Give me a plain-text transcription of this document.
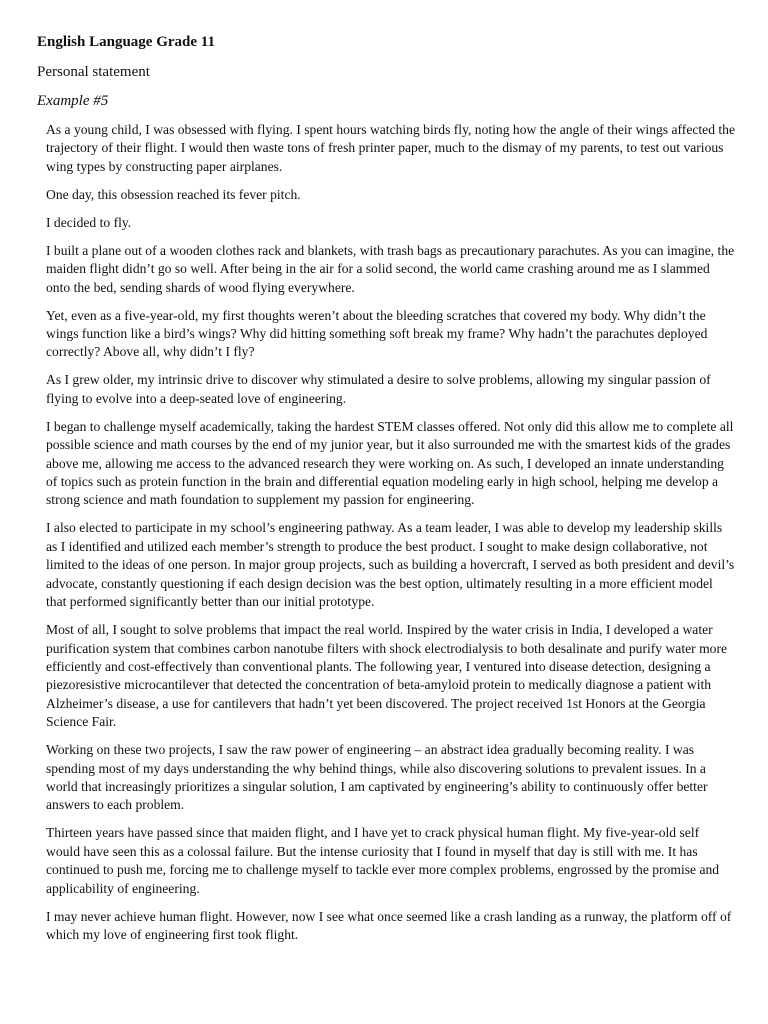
English Language Grade 11

Personal statement

Example #5

As a young child, I was obsessed with flying. I spent hours watching birds fly, noting how the angle of their wings affected the trajectory of their flight. I would then waste tons of fresh printer paper, much to the dismay of my parents, to test out various wing types by constructing paper airplanes.

One day, this obsession reached its fever pitch.

I decided to fly.

I built a plane out of a wooden clothes rack and blankets, with trash bags as precautionary parachutes. As you can imagine, the maiden flight didn’t go so well. After being in the air for a solid second, the world came crashing around me as I slammed onto the bed, sending shards of wood flying everywhere.

Yet, even as a five-year-old, my first thoughts weren’t about the bleeding scratches that covered my body. Why didn’t the wings function like a bird’s wings? Why did hitting something soft break my frame? Why hadn’t the parachutes deployed correctly? Above all, why didn’t I fly?

As I grew older, my intrinsic drive to discover why stimulated a desire to solve problems, allowing my singular passion of flying to evolve into a deep-seated love of engineering.

I began to challenge myself academically, taking the hardest STEM classes offered. Not only did this allow me to complete all possible science and math courses by the end of my junior year, but it also surrounded me with the smartest kids of the grades above me, allowing me access to the advanced research they were working on. As such, I developed an innate understanding of topics such as protein function in the brain and differential equation modeling early in high school, helping me develop a strong science and math foundation to supplement my passion for engineering.

I also elected to participate in my school’s engineering pathway. As a team leader, I was able to develop my leadership skills as I identified and utilized each member’s strength to produce the best product. I sought to make design collaborative, not limited to the ideas of one person. In major group projects, such as building a hovercraft, I served as both president and devil’s advocate, constantly questioning if each design decision was the best option, ultimately resulting in a more efficient model that performed significantly better than our initial prototype.

Most of all, I sought to solve problems that impact the real world. Inspired by the water crisis in India, I developed a water purification system that combines carbon nanotube filters with shock electrodialysis to both desalinate and purify water more efficiently and cost-effectively than conventional plants. The following year, I ventured into disease detection, designing a piezoresistive microcantilever that detected the concentration of beta-amyloid protein to medically diagnose a patient with Alzheimer’s disease, a use for cantilevers that hadn’t yet been discovered. The project received 1st Honors at the Georgia Science Fair.

Working on these two projects, I saw the raw power of engineering – an abstract idea gradually becoming reality. I was spending most of my days understanding the why behind things, while also discovering solutions to prevalent issues. In a world that increasingly prioritizes a singular solution, I am captivated by engineering’s ability to continuously offer better answers to each problem.

Thirteen years have passed since that maiden flight, and I have yet to crack physical human flight. My five-year-old self would have seen this as a colossal failure. But the intense curiosity that I found in myself that day is still with me. It has continued to push me, forcing me to challenge myself to tackle ever more complex problems, engrossed by the promise and applicability of engineering.

I may never achieve human flight. However, now I see what once seemed like a crash landing as a runway, the platform off of which my love of engineering first took flight.
